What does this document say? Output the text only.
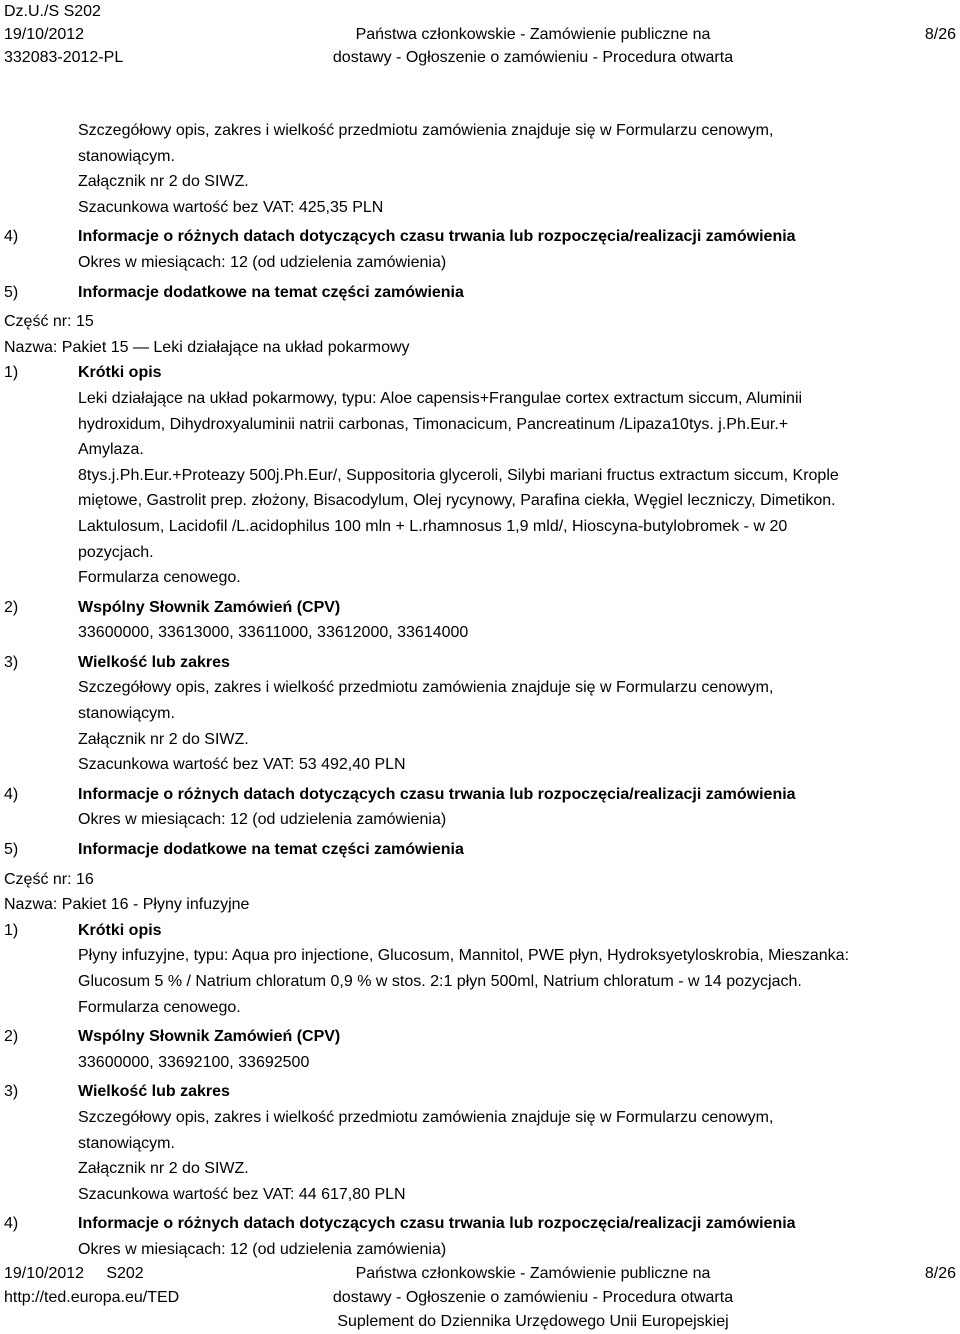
Dz.U./S S202
19/10/2012
332083-2012-PL
Państwa członkowskie - Zamówienie publiczne na
dostawy - Ogłoszenie o zamówieniu - Procedura otwarta
8/26
Szczegółowy opis, zakres i wielkość przedmiotu zamówienia znajduje się w Formularzu cenowym,
stanowiącym.
Załącznik nr 2 do SIWZ.
Szacunkowa wartość bez VAT: 425,35 PLN
4)	Informacje o różnych datach dotyczących czasu trwania lub rozpoczęcia/realizacji zamówienia
Okres w miesiącach: 12 (od udzielenia zamówienia)
5)	Informacje dodatkowe na temat części zamówienia
Część nr: 15
Nazwa: Pakiet 15 — Leki działające na układ pokarmowy
1)	Krótki opis
Leki działające na układ pokarmowy, typu: Aloe capensis+Frangulae cortex extractum siccum, Aluminii
hydroxidum, Dihydroxyaluminii natrii carbonas, Timonacicum, Pancreatinum /Lipaza10tys. j.Ph.Eur.+
Amylaza.
8tys.j.Ph.Eur.+Proteazy 500j.Ph.Eur/, Suppositoria glyceroli, Silybi mariani fructus extractum siccum, Krople
miętowe, Gastrolit prep. złożony, Bisacodylum, Olej rycynowy, Parafina ciekła, Węgiel leczniczy, Dimetikon.
Laktulosum, Lacidofil /L.acidophilus 100 mln + L.rhamnosus 1,9 mld/, Hioscyna-butylobromek - w 20
pozycjach.
Formularza cenowego.
2)	Wspólny Słownik Zamówień (CPV)
33600000, 33613000, 33611000, 33612000, 33614000
3)	Wielkość lub zakres
Szczegółowy opis, zakres i wielkość przedmiotu zamówienia znajduje się w Formularzu cenowym,
stanowiącym.
Załącznik nr 2 do SIWZ.
Szacunkowa wartość bez VAT: 53 492,40 PLN
4)	Informacje o różnych datach dotyczących czasu trwania lub rozpoczęcia/realizacji zamówienia
Okres w miesiącach: 12 (od udzielenia zamówienia)
5)	Informacje dodatkowe na temat części zamówienia
Część nr: 16
Nazwa: Pakiet 16 - Płyny infuzyjne
1)	Krótki opis
Płyny infuzyjne, typu: Aqua pro injectione, Glucosum, Mannitol, PWE płyn, Hydroksyetyloskrobia, Mieszanka:
Glucosum 5 % / Natrium chloratum 0,9 % w stos. 2:1 płyn 500ml, Natrium chloratum - w 14 pozycjach.
Formularza cenowego.
2)	Wspólny Słownik Zamówień (CPV)
33600000, 33692100, 33692500
3)	Wielkość lub zakres
Szczegółowy opis, zakres i wielkość przedmiotu zamówienia znajduje się w Formularzu cenowym,
stanowiącym.
Załącznik nr 2 do SIWZ.
Szacunkowa wartość bez VAT: 44 617,80 PLN
4)	Informacje o różnych datach dotyczących czasu trwania lub rozpoczęcia/realizacji zamówienia
Okres w miesiącach: 12 (od udzielenia zamówienia)
19/10/2012 S202
http://ted.europa.eu/TED
Państwa członkowskie - Zamówienie publiczne na
dostawy - Ogłoszenie o zamówieniu - Procedura otwarta
Suplement do Dziennika Urzędowego Unii Europejskiej
8/26
